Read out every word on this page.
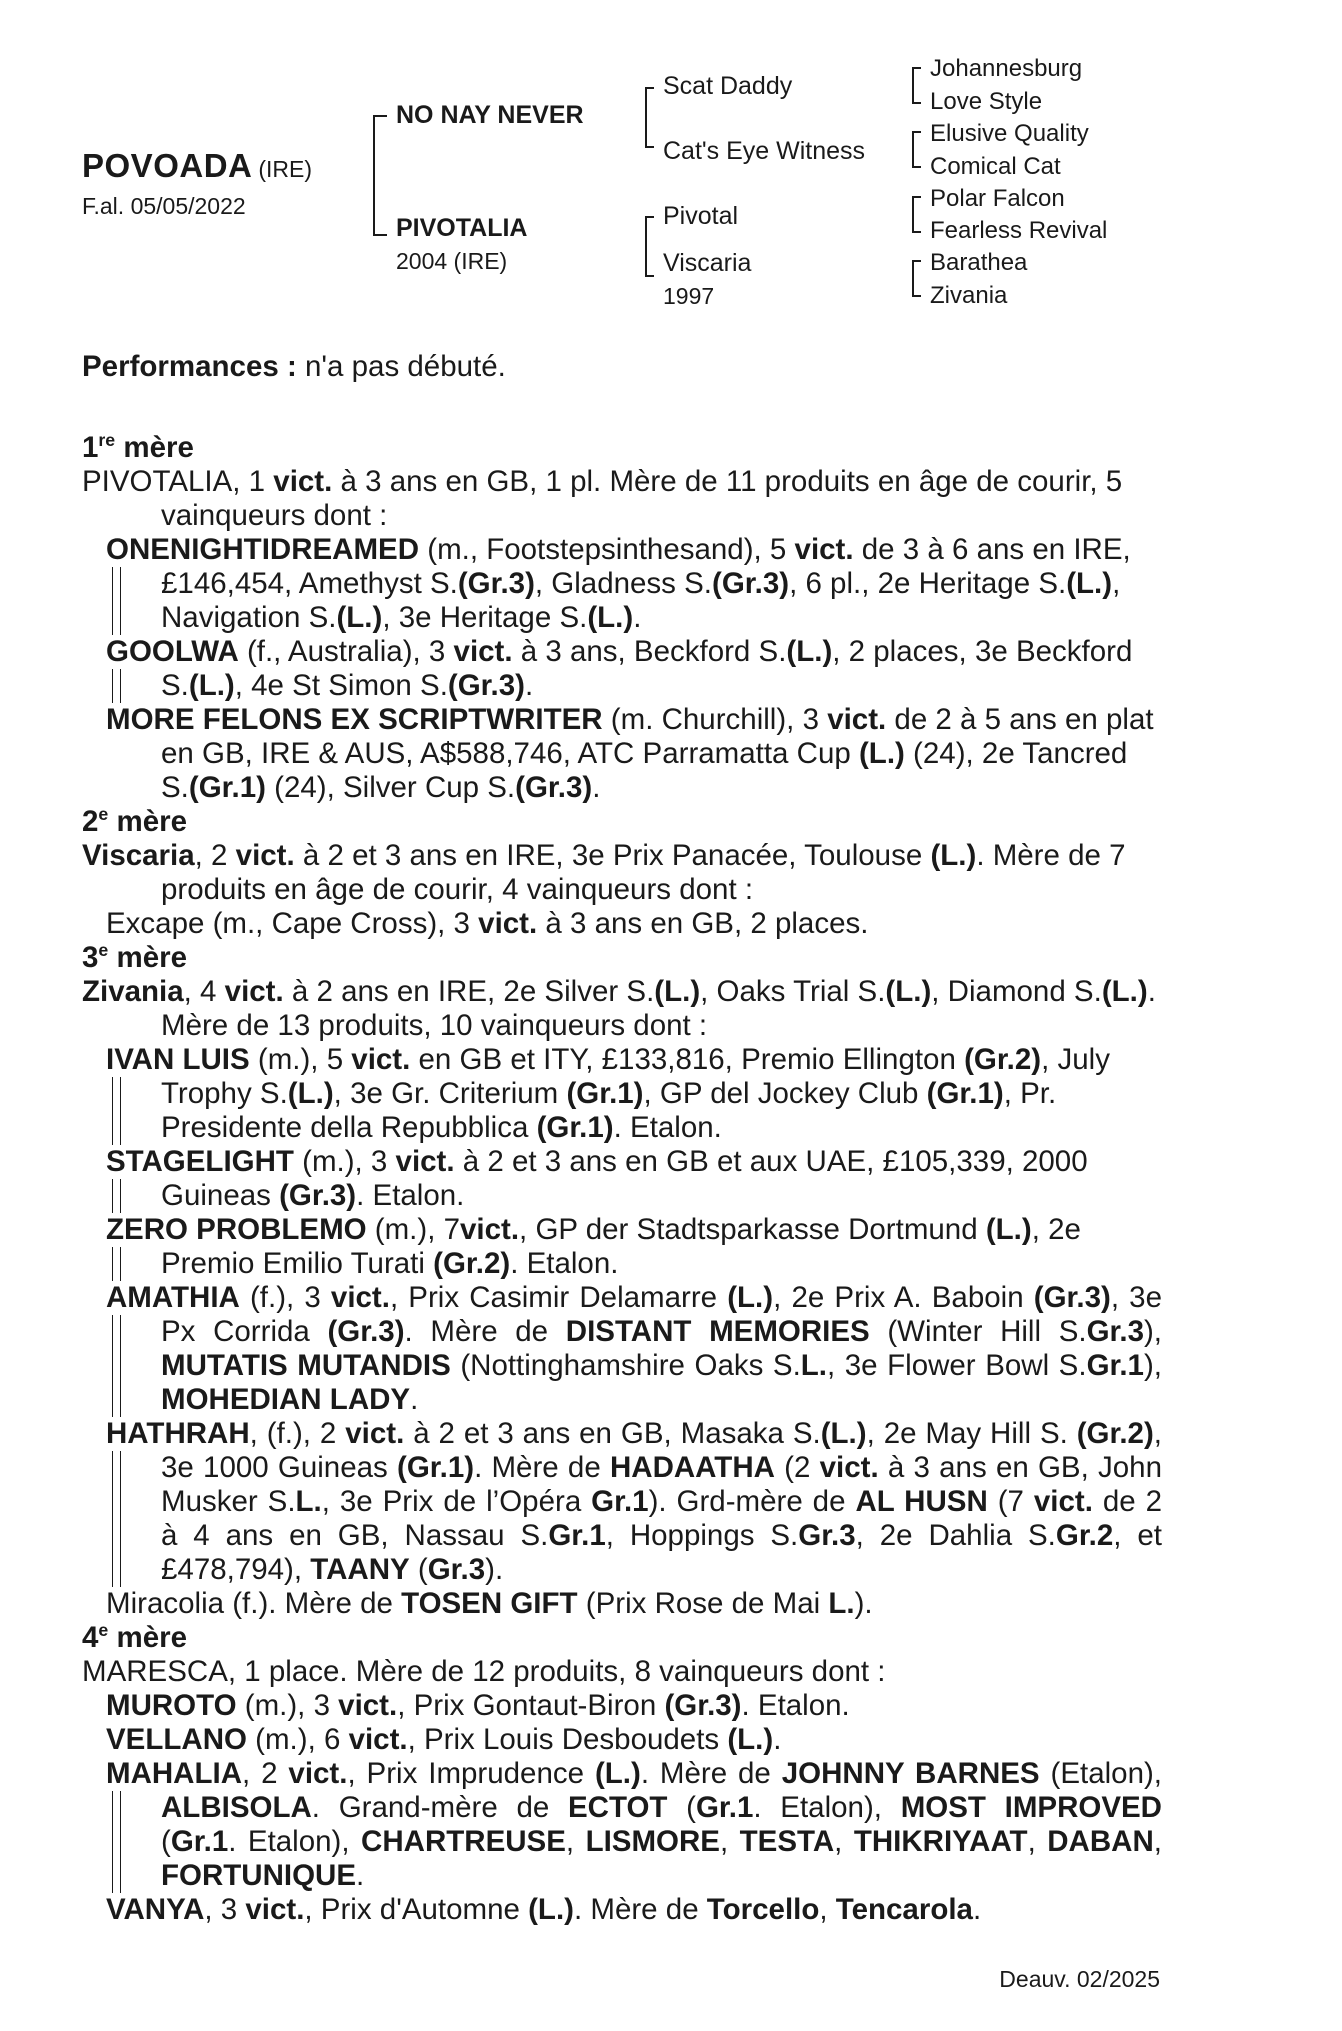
POVOADA (IRE)
F.al. 05/05/2022
NO NAY NEVER
PIVOTALIA
2004 (IRE)
Scat Daddy
Cat's Eye Witness
Pivotal
Viscaria
1997
Johannesburg
Love Style
Elusive Quality
Comical Cat
Polar Falcon
Fearless Revival
Barathea
Zivania
Performances : n'a pas débuté.
1re mère

PIVOTALIA, 1 vict. à 3 ans en GB, 1 pl. Mère de 11 produits en âge de courir, 5 vainqueurs dont :

ONENIGHTIDREAMED (m., Footstepsinthesand), 5 vict. de 3 à 6 ans en IRE, £146,454, Amethyst S.(Gr.3), Gladness S.(Gr.3), 6 pl., 2e Heritage S.(L.), Navigation S.(L.), 3e Heritage S.(L.).
GOOLWA (f., Australia), 3 vict. à 3 ans, Beckford S.(L.), 2 places, 3e Beckford S.(L.), 4e St Simon S.(Gr.3).
MORE FELONS EX SCRIPTWRITER (m. Churchill), 3 vict. de 2 à 5 ans en plat en GB, IRE & AUS, A$588,746, ATC Parramatta Cup (L.) (24), 2e Tancred S.(Gr.1) (24), Silver Cup S.(Gr.3).
2e mère

Viscaria, 2 vict. à 2 et 3 ans en IRE, 3e Prix Panacée, Toulouse (L.). Mère de 7 produits en âge de courir, 4 vainqueurs dont :

Excape (m., Cape Cross), 3 vict. à 3 ans en GB, 2 places.
3e mère

Zivania, 4 vict. à 2 ans en IRE, 2e Silver S.(L.), Oaks Trial S.(L.), Diamond S.(L.). Mère de 13 produits, 10 vainqueurs dont :

IVAN LUIS (m.), 5 vict. en GB et ITY, £133,816, Premio Ellington (Gr.2), July Trophy S.(L.), 3e Gr. Criterium (Gr.1), GP del Jockey Club (Gr.1), Pr. Presidente della Repubblica (Gr.1). Etalon.
STAGELIGHT (m.), 3 vict. à 2 et 3 ans en GB et aux UAE, £105,339, 2000 Guineas (Gr.3). Etalon.
ZERO PROBLEMO (m.), 7vict., GP der Stadtsparkasse Dortmund (L.), 2e Premio Emilio Turati (Gr.2). Etalon.
AMATHIA (f.), 3 vict., Prix Casimir Delamarre (L.), 2e Prix A. Baboin (Gr.3), 3e Px Corrida (Gr.3). Mère de DISTANT MEMORIES (Winter Hill S.Gr.3), MUTATIS MUTANDIS (Nottinghamshire Oaks S.L., 3e Flower Bowl S.Gr.1), MOHEDIAN LADY.
HATHRAH, (f.), 2 vict. à 2 et 3 ans en GB, Masaka S.(L.), 2e May Hill S. (Gr.2), 3e 1000 Guineas (Gr.1). Mère de HADAATHA (2 vict. à 3 ans en GB, John Musker S.L., 3e Prix de l’Opéra Gr.1). Grd-mère de AL HUSN (7 vict. de 2 à 4 ans en GB, Nassau S.Gr.1, Hoppings S.Gr.3, 2e Dahlia S.Gr.2, et £478,794), TAANY (Gr.3).
Miracolia (f.). Mère de TOSEN GIFT (Prix Rose de Mai L.).
4e mère

MARESCA, 1 place. Mère de 12 produits, 8 vainqueurs dont :

MUROTO (m.), 3 vict., Prix Gontaut-Biron (Gr.3). Etalon.
VELLANO (m.), 6 vict., Prix Louis Desboudets (L.).
MAHALIA, 2 vict., Prix Imprudence (L.). Mère de JOHNNY BARNES (Etalon), ALBISOLA. Grand-mère de ECTOT (Gr.1. Etalon), MOST IMPROVED (Gr.1. Etalon), CHARTREUSE, LISMORE, TESTA, THIKRIYAAT, DABAN, FORTUNIQUE.
VANYA, 3 vict., Prix d'Automne (L.). Mère de Torcello, Tencarola.
Deauv. 02/2025
